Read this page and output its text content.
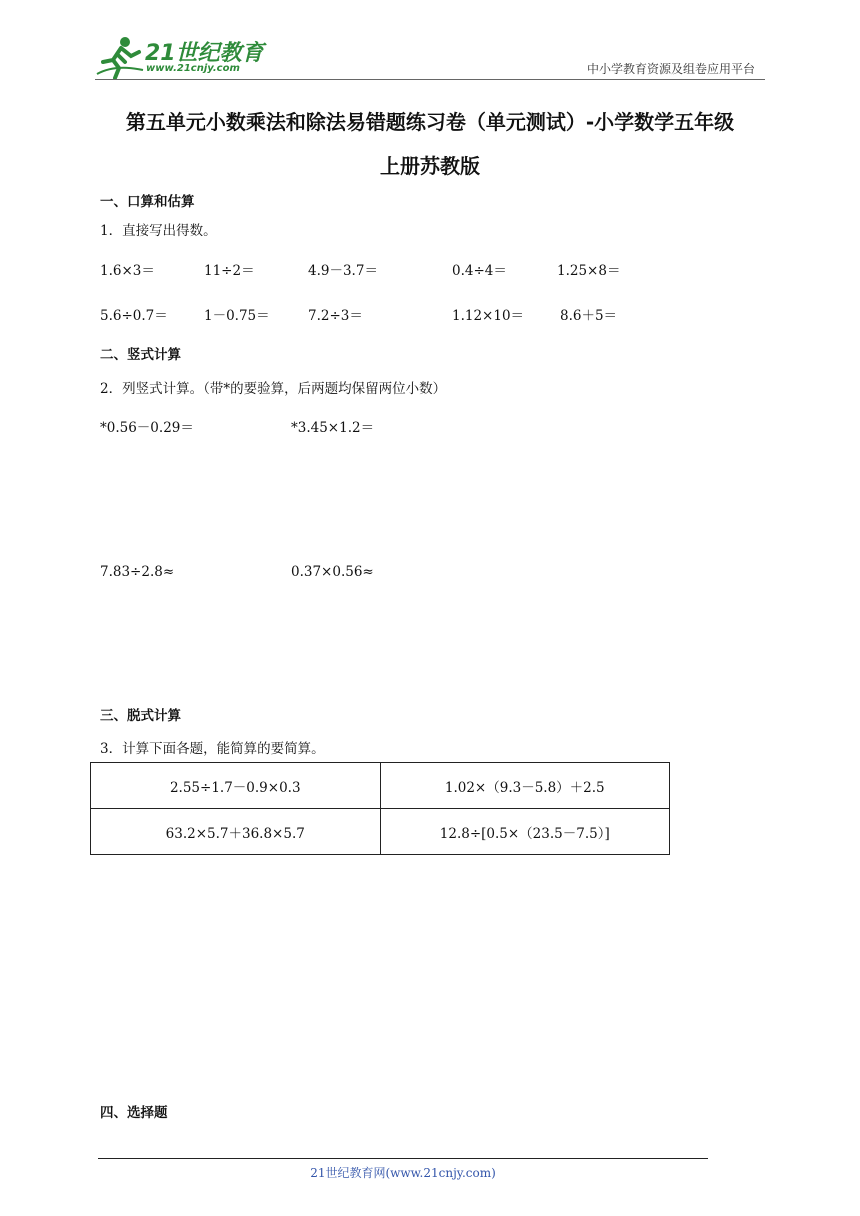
21世纪教育
www.21cnjy.com	中小学教育资源及组卷应用平台
第五单元小数乘法和除法易错题练习卷（单元测试）-小学数学五年级
上册苏教版
一、口算和估算
1．直接写出得数。
1.6×3＝	11÷2＝	4.9－3.7＝	0.4÷4＝	1.25×8＝
5.6÷0.7＝	1－0.75＝	7.2÷3＝	1.12×10＝	8.6＋5＝
二、竖式计算
2．列竖式计算。（带*的要验算，后两题均保留两位小数）
*0.56－0.29＝	*3.45×1.2＝
7.83÷2.8≈	0.37×0.56≈
三、脱式计算
3．计算下面各题，能简算的要简算。
2.55÷1.7－0.9×0.3	1.02×（9.3－5.8）＋2.5
63.2×5.7＋36.8×5.7	12.8÷[0.5×（23.5－7.5）]
四、选择题
21世纪教育网(www.21cnjy.com)
